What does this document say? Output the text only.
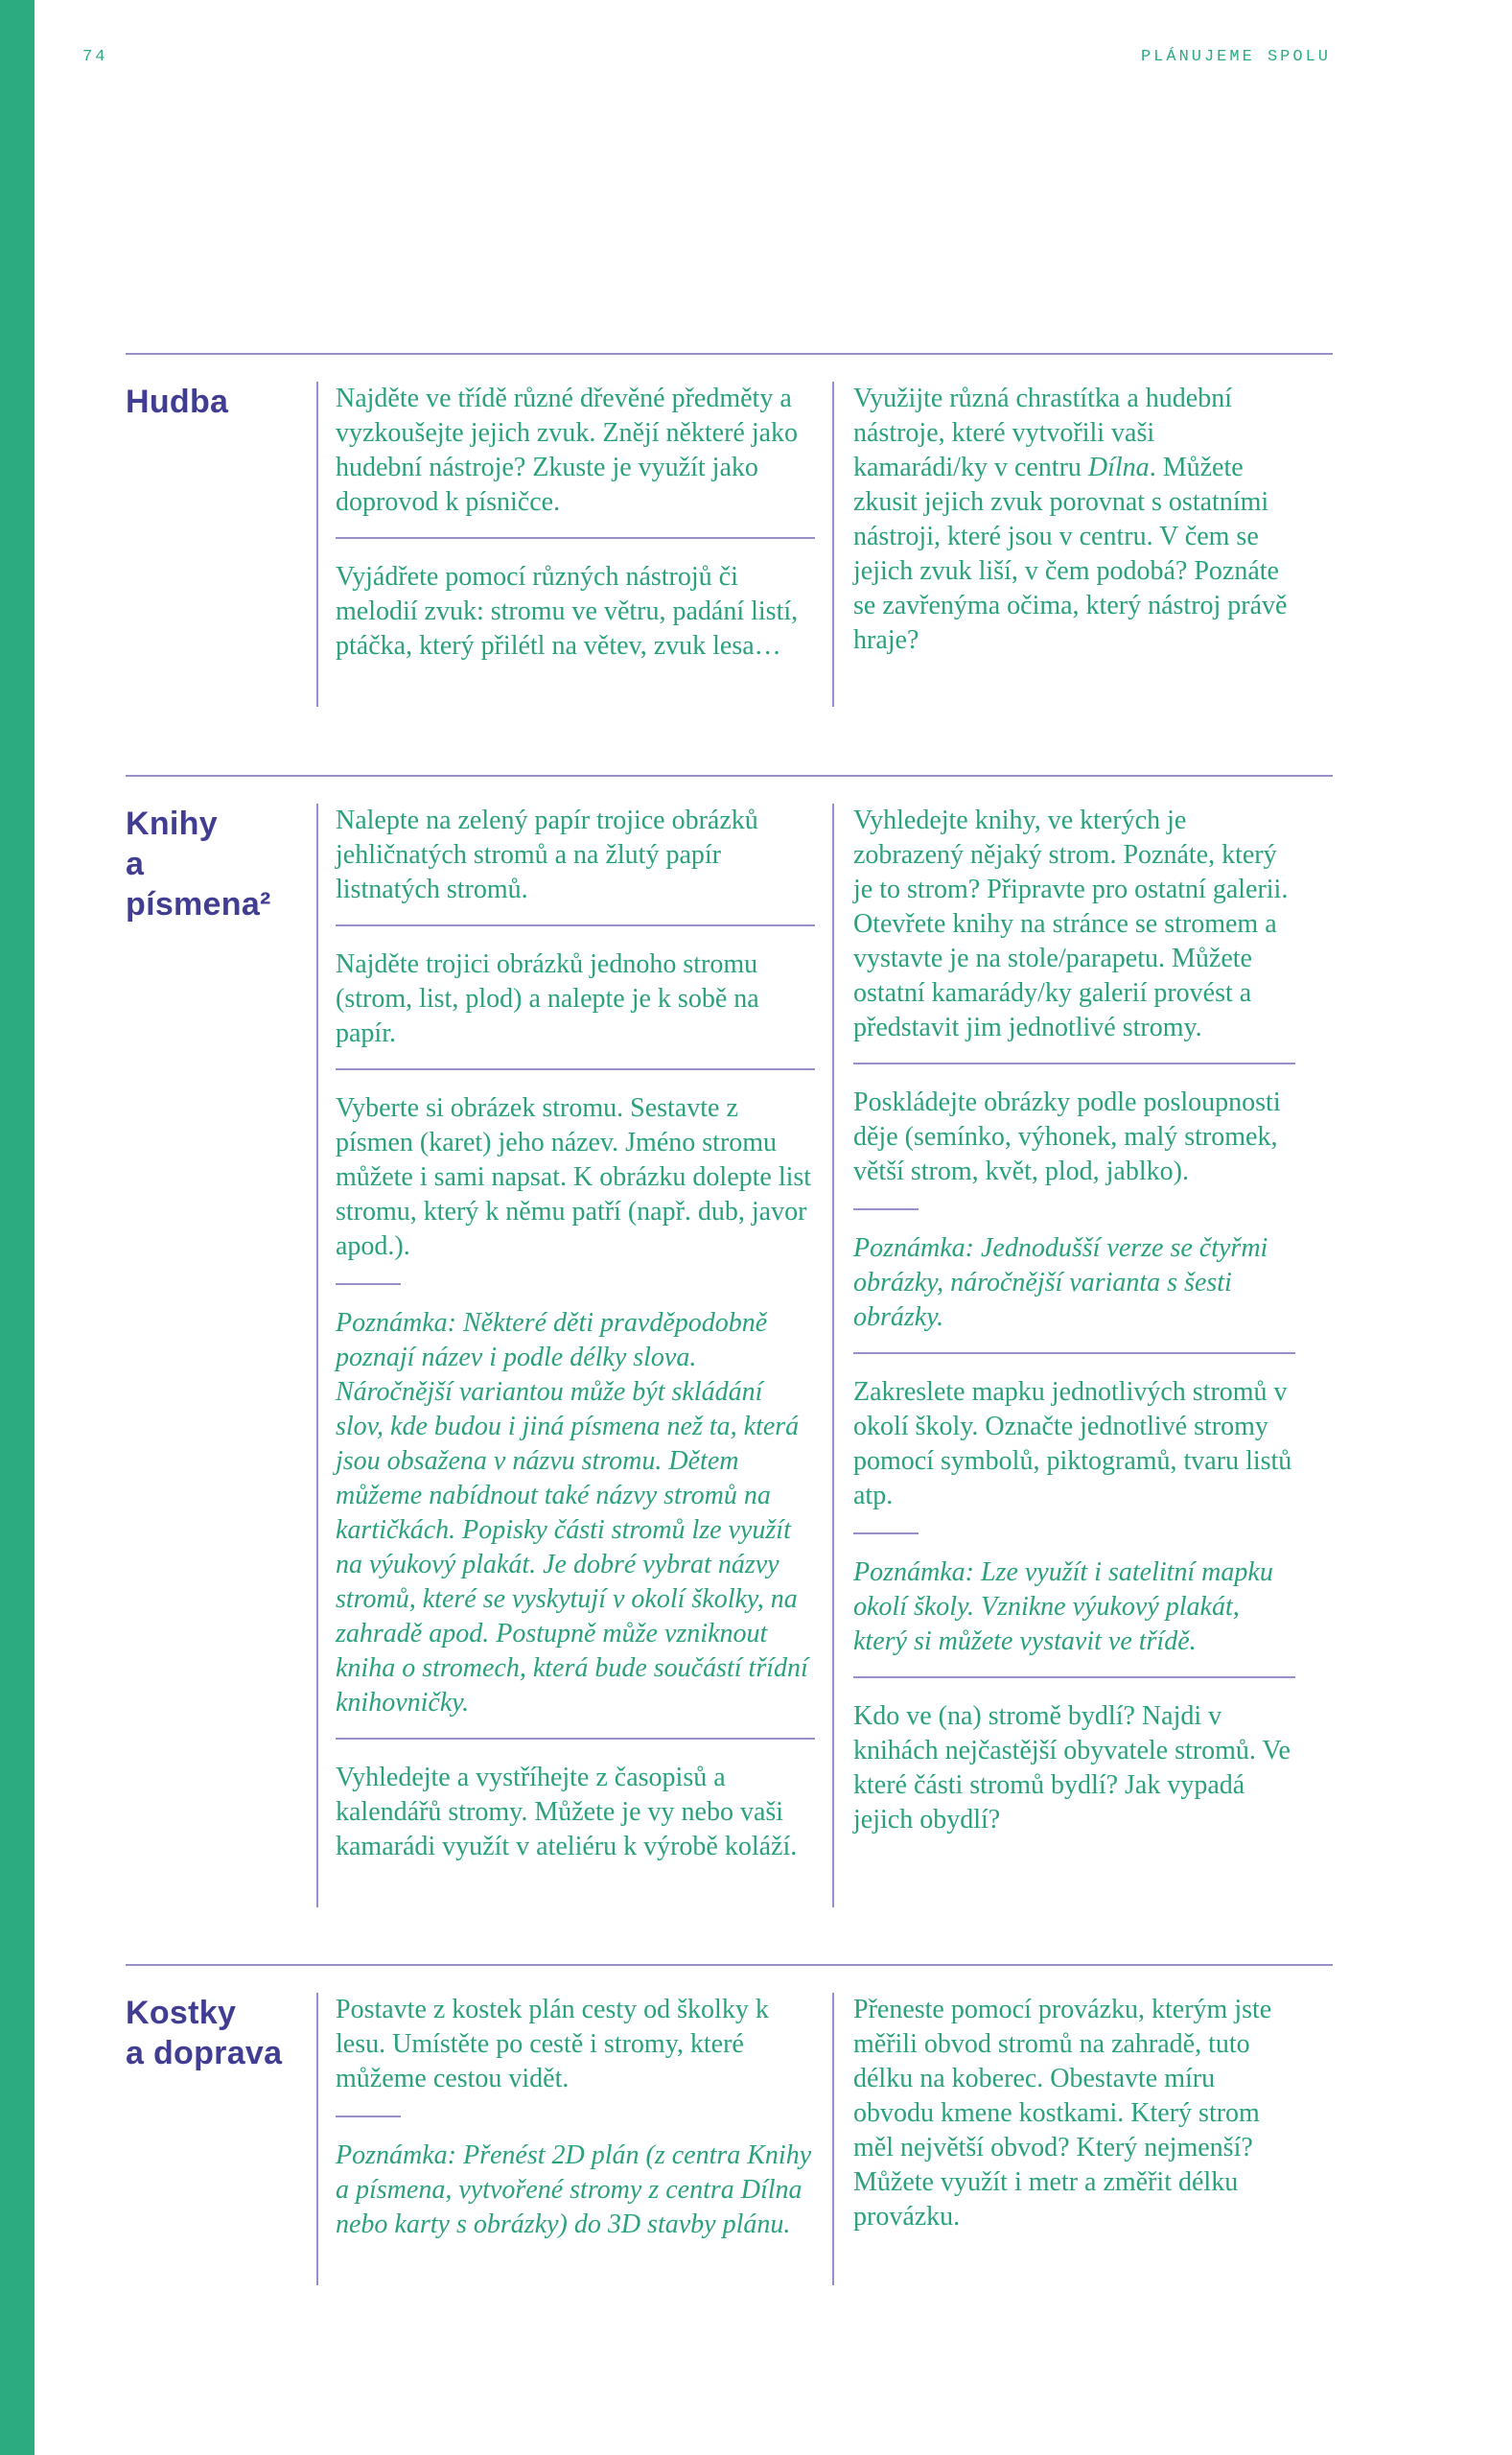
74	PLÁNUJEME SPOLU
Hudba	Najděte ve třídě různé dřevěné předměty a vyzkoušejte jejich zvuk. Znějí některé jako hudební nástroje? Zkuste je využít jako doprovod k písničce.

Vyjádřete pomocí různých nástrojů či melodií zvuk: stromu ve větru, padání listí, ptáčka, který přilétl na větev, zvuk lesa…

Využijte různá chrastítka a hudební nástroje, které vytvořili vaši kamarádi/ky v centru Dílna. Můžete zkusit jejich zvuk porovnat s ostatními nástroji, které jsou v centru. V čem se jejich zvuk liší, v čem podobá? Poznáte se zavřenýma očima, který nástroj právě hraje?

Knihy
a písmena²

Nalepte na zelený papír trojice obrázků jehličnatých stromů a na žlutý papír listnatých stromů.

Najděte trojici obrázků jednoho stromu (strom, list, plod) a nalepte je k sobě na papír.

Vyberte si obrázek stromu. Sestavte z písmen (karet) jeho název. Jméno stromu můžete i sami napsat. K obrázku dolepte list stromu, který k němu patří (např. dub, javor apod.).

Poznámka: Některé děti pravděpodobně poznají název i podle délky slova. Náročnější variantou může být skládání slov, kde budou i jiná písmena než ta, která jsou obsažena v názvu stromu. Dětem můžeme nabídnout také názvy stromů na kartičkách. Popisky části stromů lze využít na výukový plakát. Je dobré vybrat názvy stromů, které se vyskytují v okolí školky, na zahradě apod. Postupně může vzniknout kniha o stromech, která bude součástí třídní knihovničky.

Vyhledejte a vystříhejte z časopisů a kalendářů stromy. Můžete je vy nebo vaši kamarádi využít v ateliéru k výrobě koláží.

Vyhledejte knihy, ve kterých je zobrazený nějaký strom. Poznáte, který je to strom? Připravte pro ostatní galerii. Otevřete knihy na stránce se stromem a vystavte je na stole/parapetu. Můžete ostatní kamarády/ky galerií provést a představit jim jednotlivé stromy.

Poskládejte obrázky podle posloupnosti děje (semínko, výhonek, malý stromek, větší strom, květ, plod, jablko).

Poznámka: Jednodušší verze se čtyřmi obrázky, náročnější varianta s šesti obrázky.

Zakreslete mapku jednotlivých stromů v okolí školy. Označte jednotlivé stromy pomocí symbolů, piktogramů, tvaru listů atp.

Poznámka: Lze využít i satelitní mapku okolí školy. Vznikne výukový plakát, který si můžete vystavit ve třídě.

Kdo ve (na) stromě bydlí? Najdi v knihách nejčastější obyvatele stromů. Ve které části stromů bydlí? Jak vypadá jejich obydlí?

Kostky
a doprava

Postavte z kostek plán cesty od školky k lesu. Umístěte po cestě i stromy, které můžeme cestou vidět.

Poznámka: Přenést 2D plán (z centra Knihy a písmena, vytvořené stromy z centra Dílna nebo karty s obrázky) do 3D stavby plánu.

Přeneste pomocí provázku, kterým jste měřili obvod stromů na zahradě, tuto délku na koberec. Obestavte míru obvodu kmene kostkami. Který strom měl největší obvod? Který nejmenší? Můžete využít i metr a změřit délku provázku.
